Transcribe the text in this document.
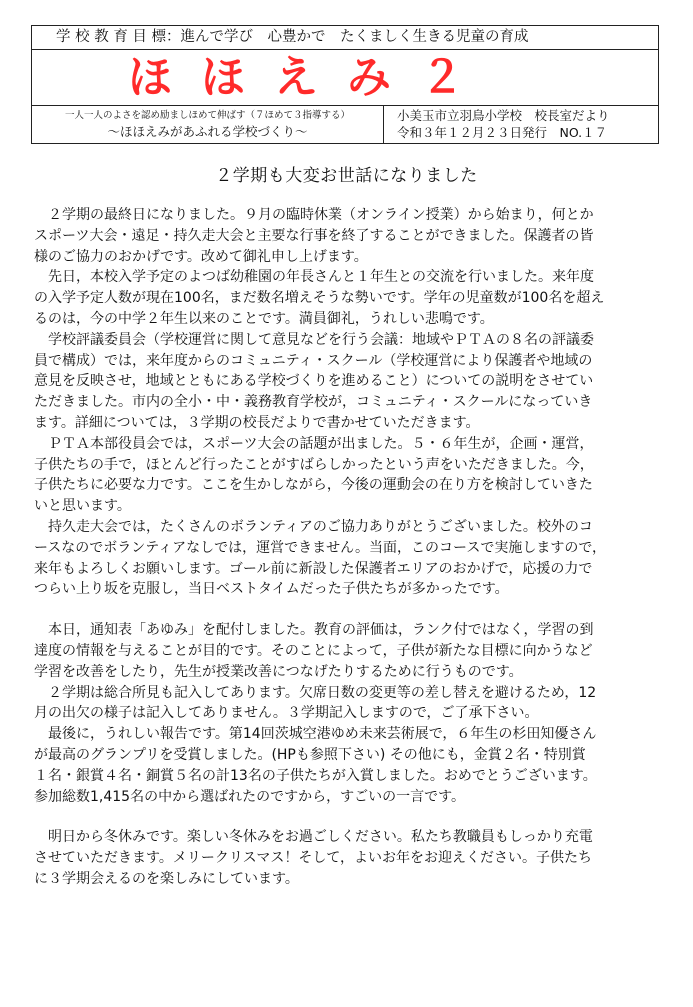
学 校 教 育 目 標：進んで学び　心豊かで　たくましく生きる児童の育成
ほほえみ２
一人一人のよさを認め励ましほめて伸ばす（７ほめて３指導する）
～ほほえみがあふれる学校づくり～
小美玉市立羽鳥小学校　校長室だより
令和３年１２月２３日発行　NO.１７
２学期も大変お世話になりました

　２学期の最終日になりました。９月の臨時休業（オンライン授業）から始まり，何とか
スポーツ大会・遠足・持久走大会と主要な行事を終了することができました。保護者の皆
様のご協力のおかげです。改めて御礼申し上げます。

　先日，本校入学予定のよつば幼稚園の年長さんと１年生との交流を行いました。来年度
の入学予定人数が現在100名，まだ数名増えそうな勢いです。学年の児童数が100名を超え
るのは，今の中学２年生以来のことです。満員御礼，うれしい悲鳴です。

　学校評議委員会（学校運営に関して意見などを行う会議：地域やＰＴＡの８名の評議委
員で構成）では，来年度からのコミュニティ・スクール（学校運営により保護者や地域の
意見を反映させ，地域とともにある学校づくりを進めること）についての説明をさせてい
ただきました。市内の全小・中・義務教育学校が，コミュニティ・スクールになっていき
ます。詳細については，３学期の校長だよりで書かせていただきます。

　ＰＴＡ本部役員会では，スポーツ大会の話題が出ました。５・６年生が，企画・運営，
子供たちの手で，ほとんど行ったことがすばらしかったという声をいただきました。今，
子供たちに必要な力です。ここを生かしながら，今後の運動会の在り方を検討していきた
いと思います。

　持久走大会では，たくさんのボランティアのご協力ありがとうございました。校外のコ
ースなのでボランティアなしでは，運営できません。当面，このコースで実施しますので，
来年もよろしくお願いします。ゴール前に新設した保護者エリアのおかげで，応援の力で
つらい上り坂を克服し，当日ベストタイムだった子供たちが多かったです。

　本日，通知表「あゆみ」を配付しました。教育の評価は，ランク付ではなく，学習の到
達度の情報を与えることが目的です。そのことによって，子供が新たな目標に向かうなど
学習を改善をしたり，先生が授業改善につなげたりするために行うものです。

　２学期は総合所見も記入してあります。欠席日数の変更等の差し替えを避けるため，12
月の出欠の様子は記入してありません。３学期記入しますので，ご了承下さい。

　最後に，うれしい報告です。第14回茨城空港ゆめ未来芸術展で，６年生の杉田知優さん
が最高のグランプリを受賞しました。(HPも参照下さい) その他にも，金賞２名・特別賞
１名・銀賞４名・銅賞５名の計13名の子供たちが入賞しました。おめでとうございます。
参加総数1,415名の中から選ばれたのですから，すごいの一言です。

　明日から冬休みです。楽しい冬休みをお過ごしください。私たち教職員もしっかり充電
させていただきます。メリークリスマス！そして，よいお年をお迎えください。子供たち
に３学期会えるのを楽しみにしています。
